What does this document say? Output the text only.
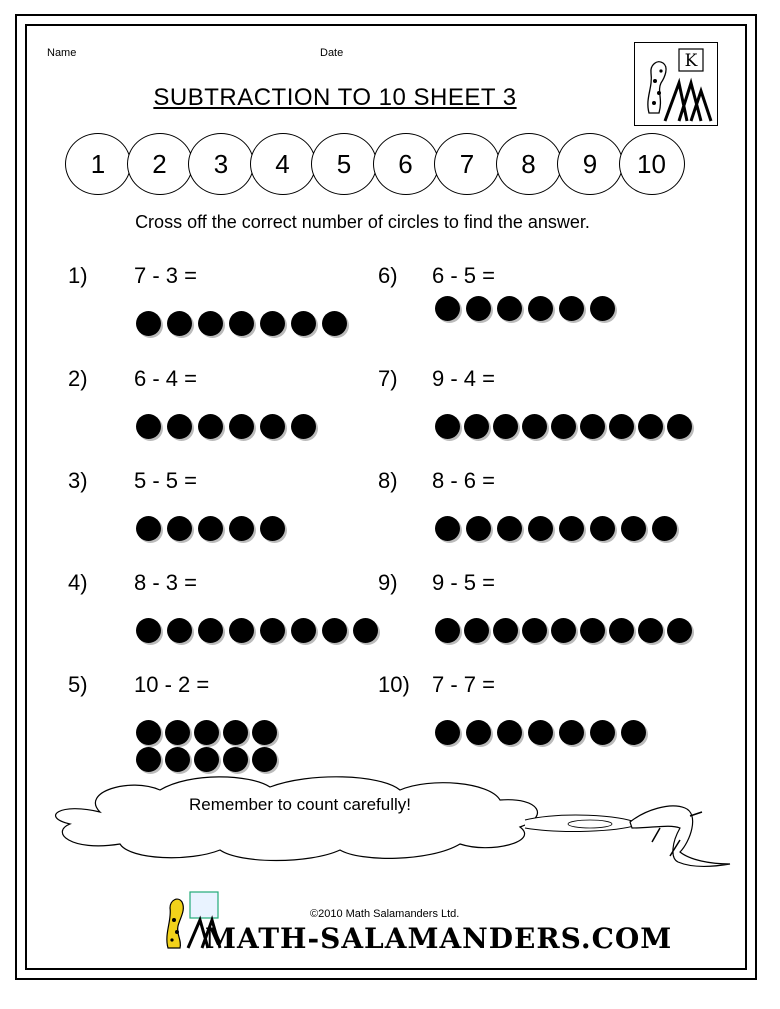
Name	Date	K
SUBTRACTION TO 10 SHEET 3
1	2	3	4	5	6	7	8	9	10
Cross off the correct number of circles to find the answer.
1) 7 - 3 =
2) 6 - 4 =
3) 5 - 5 =
4) 8 - 3 =
5) 10 - 2 =
6) 6 - 5 =
7) 9 - 4 =
8) 8 - 6 =
9) 9 - 5 =
10) 7 - 7 =
Remember to count carefully!
©2010 Math Salamanders Ltd.
MATH-SALAMANDERS.COM
